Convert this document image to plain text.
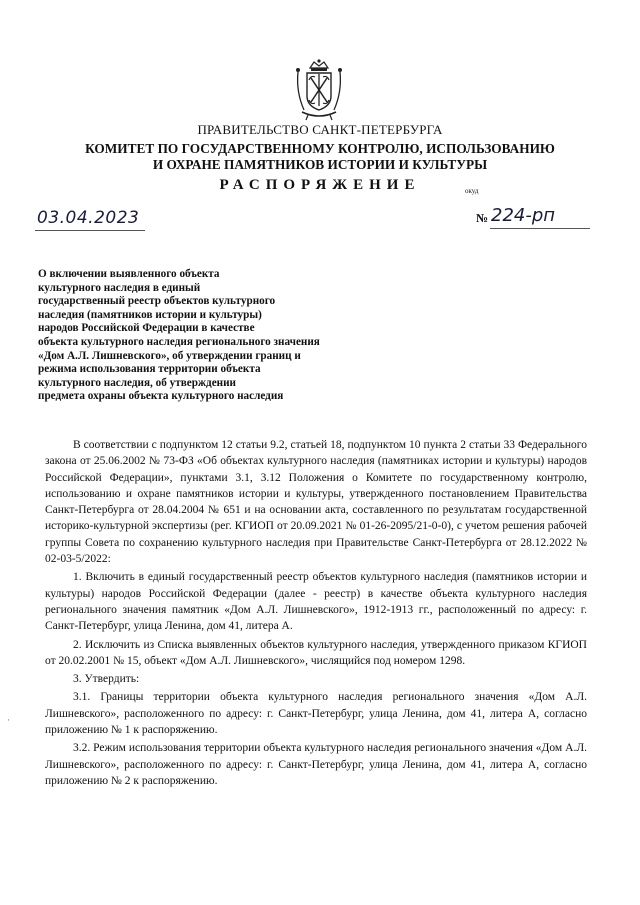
ПРАВИТЕЛЬСТВО САНКТ-ПЕТЕРБУРГА
КОМИТЕТ ПО ГОСУДАРСТВЕННОМУ КОНТРОЛЮ, ИСПОЛЬЗОВАНИЮ
И ОХРАНЕ ПАМЯТНИКОВ ИСТОРИИ И КУЛЬТУРЫ
РАСПОРЯЖЕНИЕ	окуд
03.04.2023	№ 224-рп
О включении выявленного объекта
культурного наследия в единый
государственный реестр объектов культурного
наследия (памятников истории и культуры)
народов Российской Федерации в качестве
объекта культурного наследия регионального значения
«Дом А.Л. Лишневского», об утверждении границ и
режима использования территории объекта
культурного наследия, об утверждении
предмета охраны объекта культурного наследия

В соответствии с подпунктом 12 статьи 9.2, статьей 18, подпунктом 10 пункта 2 статьи 33 Федерального закона от 25.06.2002 № 73-ФЗ «Об объектах культурного наследия (памятниках истории и культуры) народов Российской Федерации», пунктами 3.1, 3.12 Положения о Комитете по государственному контролю, использованию и охране памятников истории и культуры, утвержденного постановлением Правительства Санкт-Петербурга от 28.04.2004 № 651 и на основании акта, составленного по результатам государственной историко-культурной экспертизы (рег. КГИОП от 20.09.2021 № 01-26-2095/21-0-0), с учетом решения рабочей группы Совета по сохранению культурного наследия при Правительстве Санкт-Петербурга от 28.12.2022 № 02-03-5/2022:

1. Включить в единый государственный реестр объектов культурного наследия (памятников истории и культуры) народов Российской Федерации (далее - реестр) в качестве объекта культурного наследия регионального значения памятник «Дом А.Л. Лишневского», 1912-1913 гг., расположенный по адресу: г. Санкт-Петербург, улица Ленина, дом 41, литера А.

2. Исключить из Списка выявленных объектов культурного наследия, утвержденного приказом КГИОП от 20.02.2001 № 15, объект «Дом А.Л. Лишневского», числящийся под номером 1298.

3. Утвердить:

3.1. Границы территории объекта культурного наследия регионального значения «Дом А.Л. Лишневского», расположенного по адресу: г. Санкт-Петербург, улица Ленина, дом 41, литера А, согласно приложению № 1 к распоряжению.

3.2. Режим использования территории объекта культурного наследия регионального значения «Дом А.Л. Лишневского», расположенного по адресу: г. Санкт-Петербург, улица Ленина, дом 41, литера А, согласно приложению № 2 к распоряжению.

·
